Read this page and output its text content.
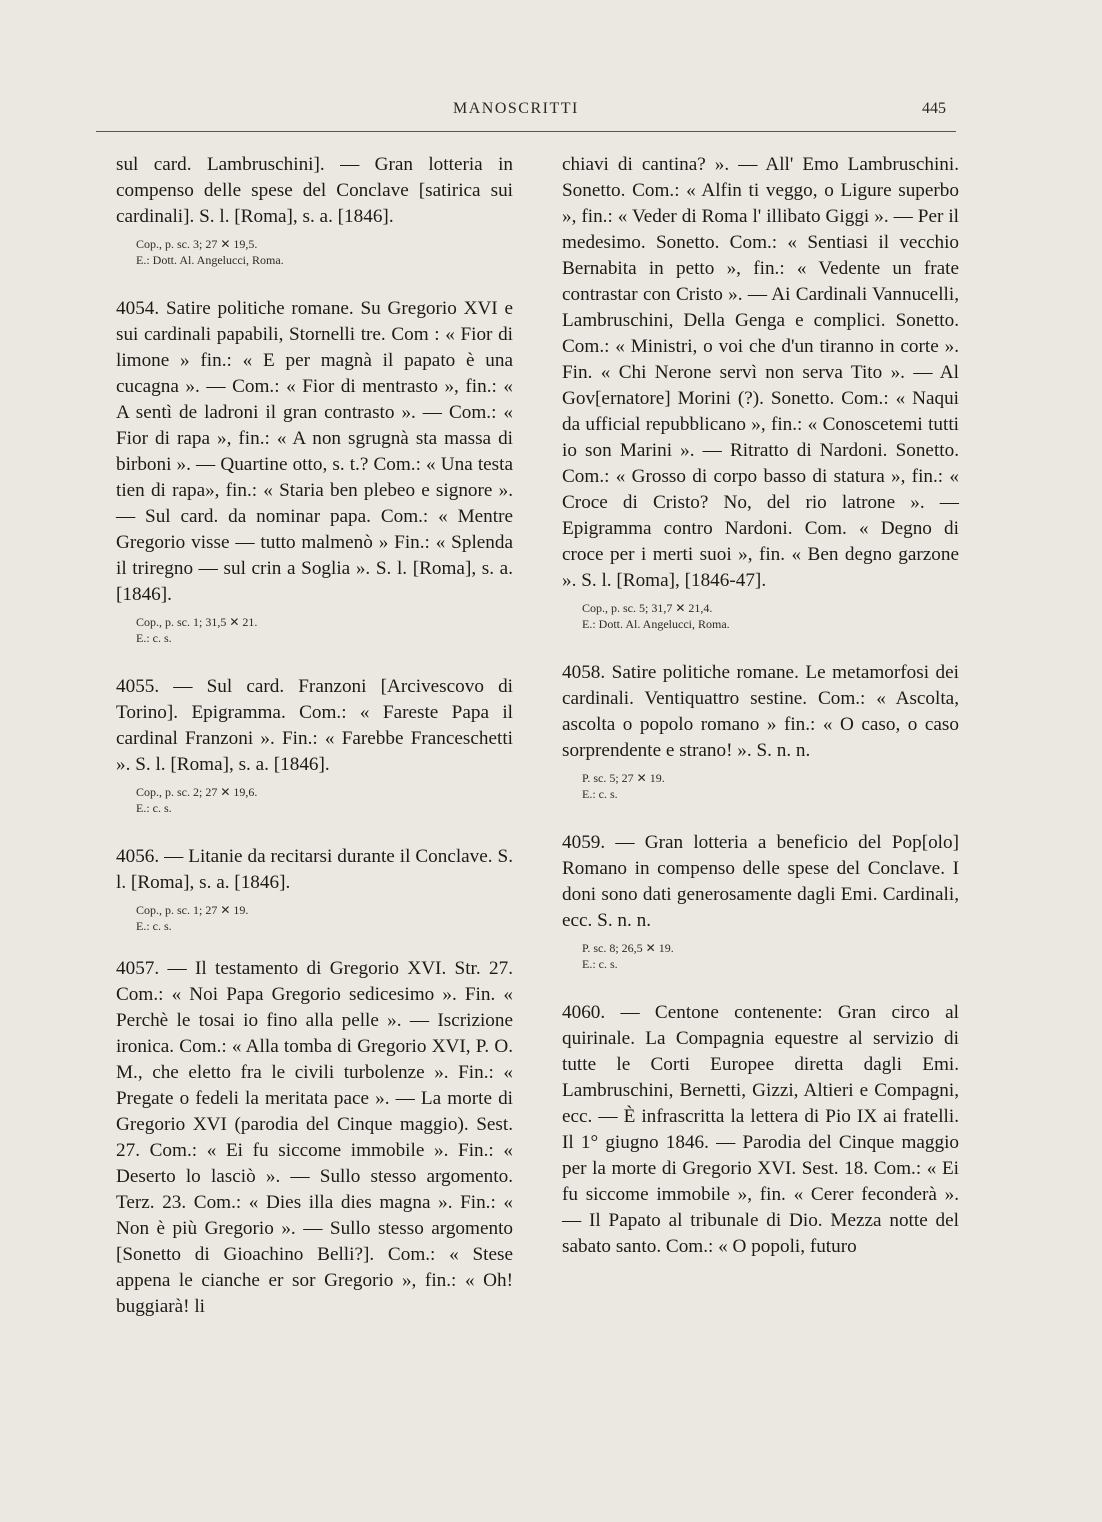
MANOSCRITTI	445

sul card. Lambruschini]. — Gran lotteria in compenso delle spese del Conclave [satirica sui cardinali]. S. l. [Roma], s. a. [1846].

Cop., p. sc. 3; 27 ✕ 19,5.
E.: Dott. Al. Angelucci, Roma.

4054. Satire politiche romane. Su Gregorio XVI e sui cardinali papabili, Stornelli tre. Com : « Fior di limone » fin.: « E per magnà il papato è una cucagna ». — Com.: « Fior di mentrasto », fin.: « A sentì de ladroni il gran contrasto ». — Com.: « Fior di rapa », fin.: « A non sgrugnà sta massa di birboni ». — Quartine otto, s. t.? Com.: « Una testa tien di rapa», fin.: « Staria ben plebeo e signore ». — Sul card. da nominar papa. Com.: « Mentre Gregorio visse — tutto malmenò » Fin.: « Splenda il triregno — sul crin a Soglia ». S. l. [Roma], s. a. [1846].

Cop., p. sc. 1; 31,5 ✕ 21.
E.: c. s.

4055. — Sul card. Franzoni [Arcivescovo di Torino]. Epigramma. Com.: « Fareste Papa il cardinal Franzoni ». Fin.: « Farebbe Franceschetti ». S. l. [Roma], s. a. [1846].

Cop., p. sc. 2; 27 ✕ 19,6.
E.: c. s.

4056. — Litanie da recitarsi durante il Conclave. S. l. [Roma], s. a. [1846].

Cop., p. sc. 1; 27 ✕ 19.
E.: c. s.

4057. — Il testamento di Gregorio XVI. Str. 27. Com.: « Noi Papa Gregorio sedicesimo ». Fin. « Perchè le tosai io fino alla pelle ». — Iscrizione ironica. Com.: « Alla tomba di Gregorio XVI, P. O. M., che eletto fra le civili turbolenze ». Fin.: « Pregate o fedeli la meritata pace ». — La morte di Gregorio XVI (parodia del Cinque maggio). Sest. 27. Com.: « Ei fu siccome immobile ». Fin.: « Deserto lo lasciò ». — Sullo stesso argomento. Terz. 23. Com.: « Dies illa dies magna ». Fin.: « Non è più Gregorio ». — Sullo stesso argomento [Sonetto di Gioachino Belli?]. Com.: « Stese appena le cianche er sor Gregorio », fin.: « Oh! buggiarà! li

chiavi di cantina? ». — All' Emo Lambruschini. Sonetto. Com.: « Alfin ti veggo, o Ligure superbo », fin.: « Veder di Roma l' illibato Giggi ». — Per il medesimo. Sonetto. Com.: « Sentiasi il vecchio Bernabita in petto », fin.: « Vedente un frate contrastar con Cristo ». — Ai Cardinali Vannucelli, Lambruschini, Della Genga e complici. Sonetto. Com.: « Ministri, o voi che d'un tiranno in corte ». Fin. « Chi Nerone servì non serva Tito ». — Al Gov[ernatore] Morini (?). Sonetto. Com.: « Naqui da ufficial repubblicano », fin.: « Conoscetemi tutti io son Marini ». — Ritratto di Nardoni. Sonetto. Com.: « Grosso di corpo basso di statura », fin.: « Croce di Cristo? No, del rio latrone ». — Epigramma contro Nardoni. Com. « Degno di croce per i merti suoi », fin. « Ben degno garzone ». S. l. [Roma], [1846-47].

Cop., p. sc. 5; 31,7 ✕ 21,4.
E.: Dott. Al. Angelucci, Roma.

4058. Satire politiche romane. Le metamorfosi dei cardinali. Ventiquattro sestine. Com.: « Ascolta, ascolta o popolo romano » fin.: « O caso, o caso sorprendente e strano! ». S. n. n.

P. sc. 5; 27 ✕ 19.
E.: c. s.

4059. — Gran lotteria a beneficio del Pop[olo] Romano in compenso delle spese del Conclave. I doni sono dati generosamente dagli Emi. Cardinali, ecc. S. n. n.

P. sc. 8; 26,5 ✕ 19.
E.: c. s.

4060. — Centone contenente: Gran circo al quirinale. La Compagnia equestre al servizio di tutte le Corti Europee diretta dagli Emi. Lambruschini, Bernetti, Gizzi, Altieri e Compagni, ecc. — È infrascritta la lettera di Pio IX ai fratelli. Il 1° giugno 1846. — Parodia del Cinque maggio per la morte di Gregorio XVI. Sest. 18. Com.: « Ei fu siccome immobile », fin. « Cerer feconderà ». — Il Papato al tribunale di Dio. Mezza notte del sabato santo. Com.: « O popoli, futuro
